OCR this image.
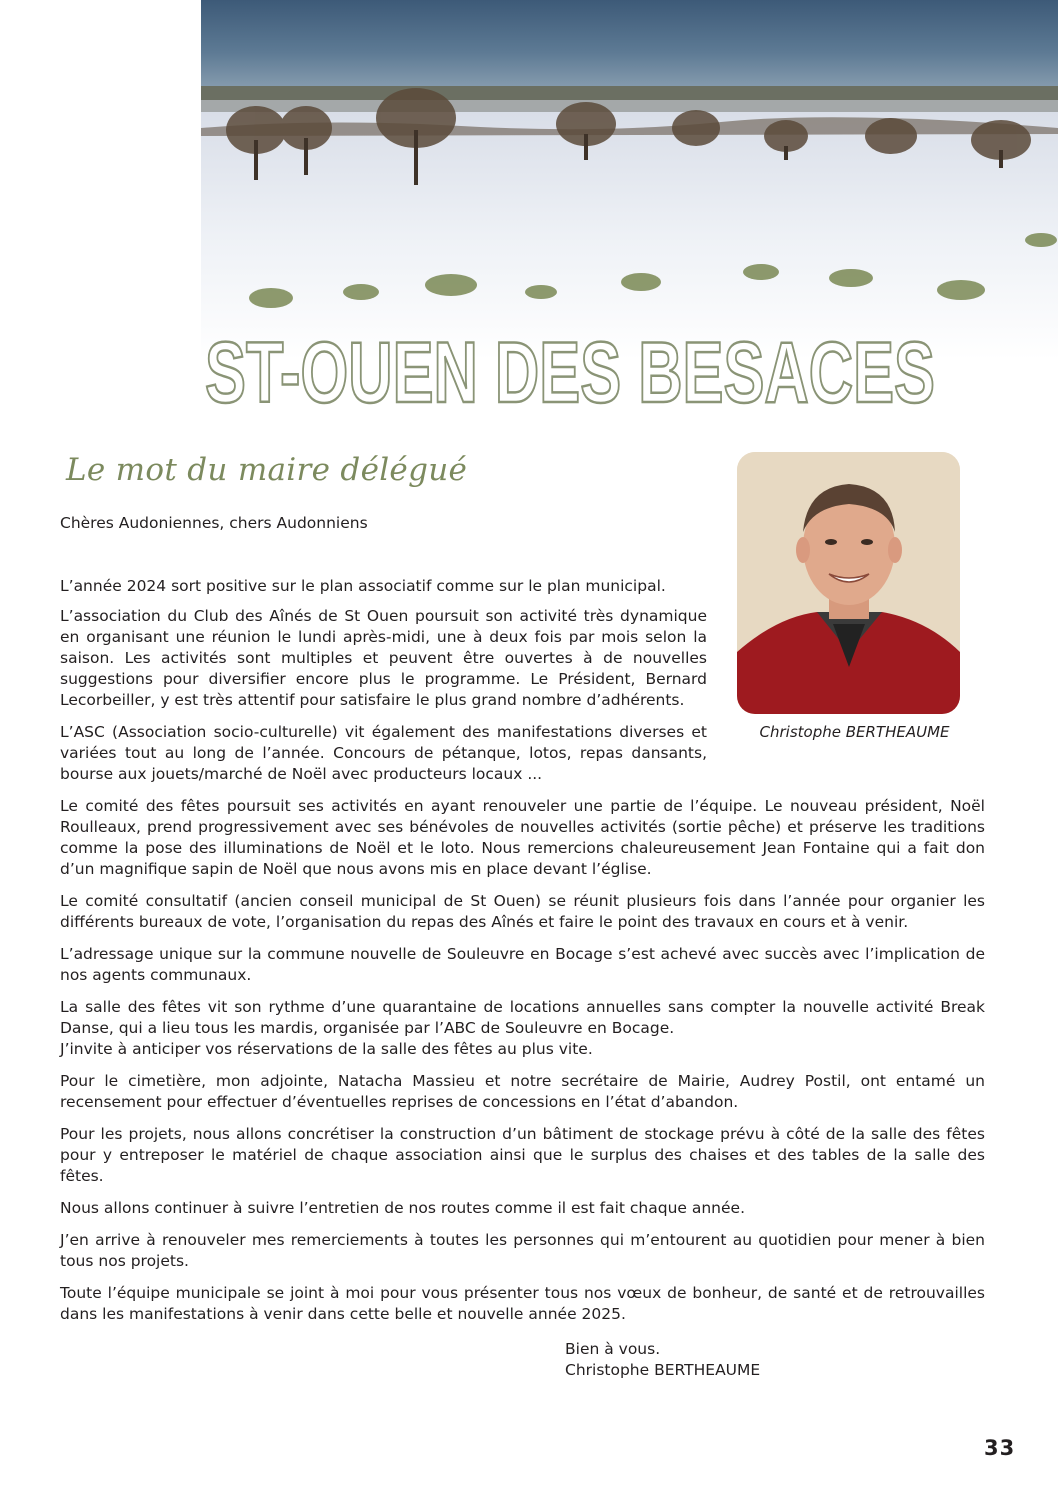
ST-OUEN DES BESACES
Le mot du maire délégué
Chères Audoniennes, chers Audonniens

L’année 2024 sort positive sur le plan associatif comme sur le plan municipal.

L’association du Club des Aînés de St Ouen poursuit son activité très dynamique en organisant une réunion le lundi après-midi, une à deux fois par mois selon la saison. Les activités sont multiples et peuvent être ouvertes à de nouvelles suggestions pour diversifier encore plus le programme. Le Président, Bernard Lecorbeiller, y est très attentif pour satisfaire le plus grand nombre d’adhérents.

L’ASC (Association socio-culturelle) vit également des manifestations diverses et variées tout au long de l’année. Concours de pétanque, lotos, repas dansants, bourse aux jouets/marché de Noël avec producteurs locaux ...

Christophe BERTHEAUME

Le comité des fêtes poursuit ses activités en ayant renouveler une partie de l’équipe. Le nouveau président, Noël Roulleaux, prend progressivement avec ses bénévoles de nouvelles activités (sortie pêche) et préserve les traditions comme la pose des illuminations de Noël et le loto. Nous remercions chaleureusement Jean Fontaine qui a fait don d’un magnifique sapin de Noël que nous avons mis en place devant l’église.

Le comité consultatif (ancien conseil municipal de St Ouen) se réunit plusieurs fois dans l’année pour organier les différents bureaux de vote, l’organisation du repas des Aînés et faire le point des travaux en cours et à venir.

L’adressage unique sur la commune nouvelle de Souleuvre en Bocage s’est achevé avec succès avec l’implication de nos agents communaux.

La salle des fêtes vit son rythme d’une quarantaine de locations annuelles sans compter la nouvelle activité Break Danse, qui a lieu tous les mardis, organisée par l’ABC de Souleuvre en Bocage.
J’invite à anticiper vos réservations de la salle des fêtes au plus vite.

Pour le cimetière, mon adjointe, Natacha Massieu et notre secrétaire de Mairie, Audrey Postil, ont entamé un recensement pour effectuer d’éventuelles reprises de concessions en l’état d’abandon.

Pour les projets, nous allons concrétiser la construction d’un bâtiment de stockage prévu à côté de la salle des fêtes pour y entreposer le matériel de chaque association ainsi que le surplus des chaises et des tables de la salle des fêtes.

Nous allons continuer à suivre l’entretien de nos routes comme il est fait chaque année.

J’en arrive à renouveler mes remerciements à toutes les personnes qui m’entourent au quotidien pour mener à bien tous nos projets.

Toute l’équipe municipale se joint à moi pour vous présenter tous nos vœux de bonheur, de santé et de retrouvailles dans les manifestations à venir dans cette belle et nouvelle année 2025.

Bien à vous.
Christophe BERTHEAUME
33
